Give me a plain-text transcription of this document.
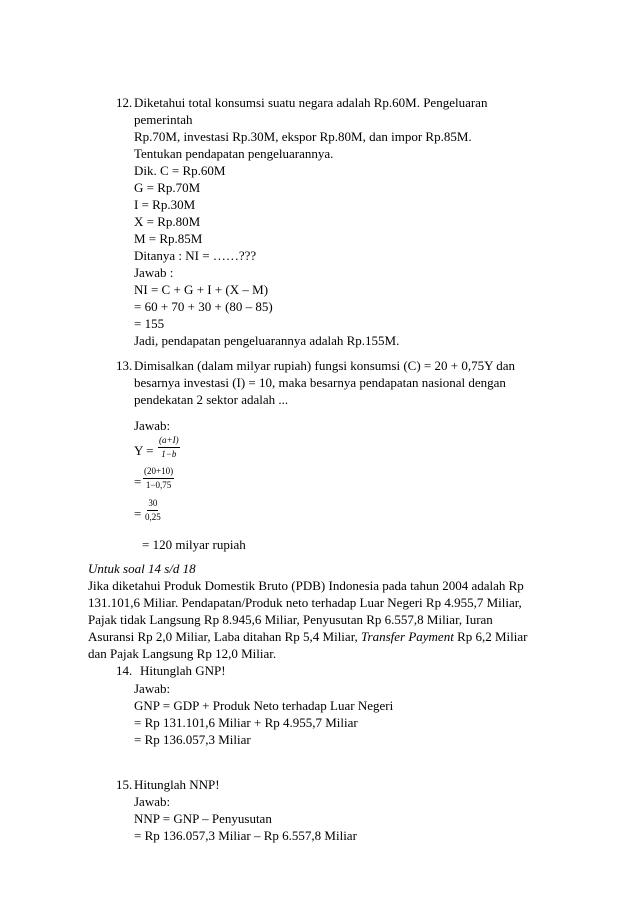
12. Diketahui total konsumsi suatu negara adalah Rp.60M. Pengeluaran
pemerintah
Rp.70M, investasi Rp.30M, ekspor Rp.80M, dan impor Rp.85M.
Tentukan pendapatan pengeluarannya.
Dik. C = Rp.60M
G = Rp.70M
I = Rp.30M
X = Rp.80M
M = Rp.85M
Ditanya : NI = ……???
Jawab :
NI = C + G + I + (X – M)
= 60 + 70 + 30 + (80 – 85)
= 155
Jadi, pendapatan pengeluarannya adalah Rp.155M.
13. Dimisalkan (dalam milyar rupiah) fungsi konsumsi (C) = 20 + 0,75Y dan
besarnya investasi (I) = 10, maka besarnya pendapatan nasional dengan
pendekatan 2 sektor adalah ...
Jawab:
$Y = \frac{(a+I)}{1-b}$
= $\frac{(20+10)}{1-0,75}$
= $\frac{30}{0,25}$
= 120 milyar rupiah
Untuk soal 14 s/d 18
Jika diketahui Produk Domestik Bruto (PDB) Indonesia pada tahun 2004 adalah Rp
131.101,6 Miliar. Pendapatan/Produk neto terhadap Luar Negeri Rp 4.955,7 Miliar,
Pajak tidak Langsung Rp 8.945,6 Miliar, Penyusutan Rp 6.557,8 Miliar, Iuran
Asuransi Rp 2,0 Miliar, Laba ditahan Rp 5,4 Miliar, Transfer Payment Rp 6,2 Miliar
dan Pajak Langsung Rp 12,0 Miliar.
14. Hitunglah GNP!
Jawab:
GNP = GDP + Produk Neto terhadap Luar Negeri
= Rp 131.101,6 Miliar + Rp 4.955,7 Miliar
= Rp 136.057,3 Miliar
15. Hitunglah NNP!
Jawab:
NNP = GNP – Penyusutan
= Rp 136.057,3 Miliar – Rp 6.557,8 Miliar
